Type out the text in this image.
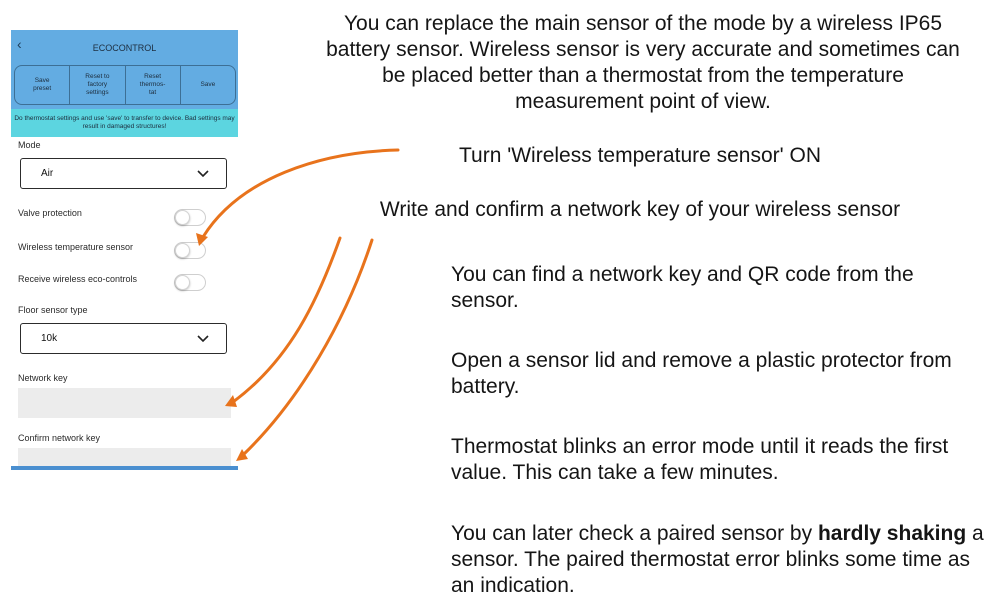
‹	ECOCONTROL
Save
preset
Reset to
factory
settings
Reset
thermos-
tat
Save
Do thermostat settings and use 'save' to transfer to device. Bad settings may result in damaged structures!
Mode
Air
Valve protection
Wireless temperature sensor
Receive wireless eco-controls
Floor sensor type
10k
Network key
Confirm network key
You can replace the main sensor of the mode by a wireless IP65 battery sensor. Wireless sensor is very accurate and sometimes can be placed better than a thermostat from the temperature measurement point of view.
Turn 'Wireless temperature sensor' ON
Write and confirm a network key of your wireless sensor
You can find a network key and QR code from the sensor.
Open a sensor lid and remove a plastic protector from battery.
Thermostat blinks an error mode until it reads the first value. This can take a few minutes.
You can later check a paired sensor by hardly shaking a sensor. The paired thermostat error blinks some time as an indication.
